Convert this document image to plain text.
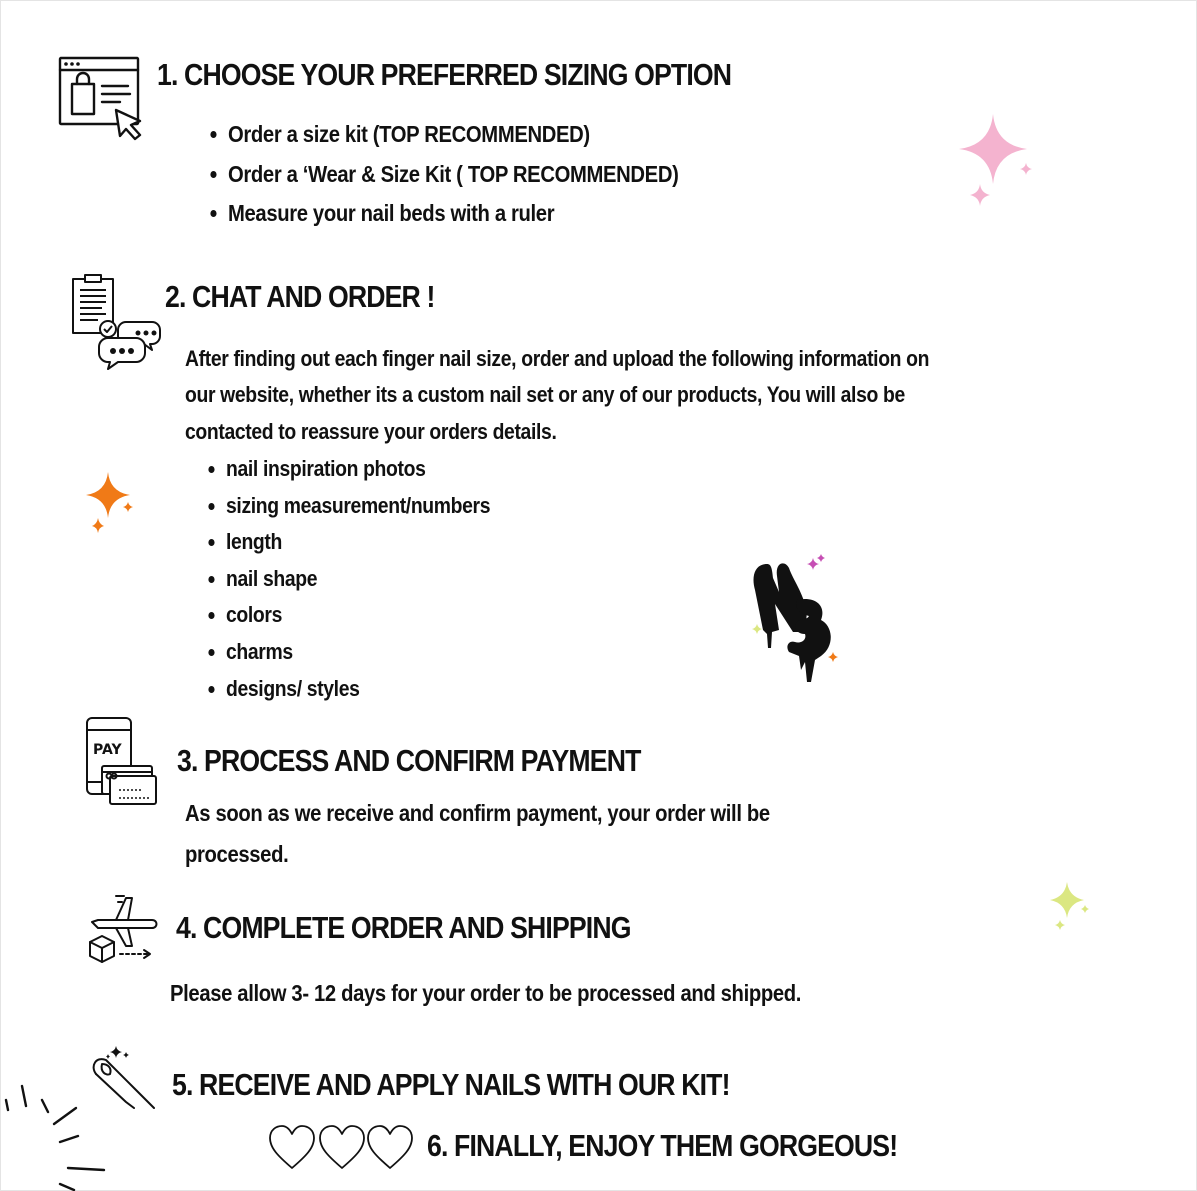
1. CHOOSE YOUR PREFERRED SIZING OPTION
Order a size kit (TOP RECOMMENDED)
Order a ‘Wear & Size Kit ( TOP RECOMMENDED)
Measure your nail beds with a ruler
2. CHAT AND ORDER !

After finding out each finger nail size, order and upload the following information on

our website, whether its a custom nail set or any of our products, You will also be

contacted to reassure your orders details.

nail inspiration photos
sizing measurement/numbers
length
nail shape
colors
charms
designs/ styles
PAY 3. PROCESS AND CONFIRM PAYMENT

As soon as we receive and confirm payment, your order will be

processed.

4. COMPLETE ORDER AND SHIPPING

Please allow 3- 12 days for your order to be processed and shipped.

5. RECEIVE AND APPLY NAILS WITH OUR KIT!
6. FINALLY, ENJOY THEM GORGEOUS!
